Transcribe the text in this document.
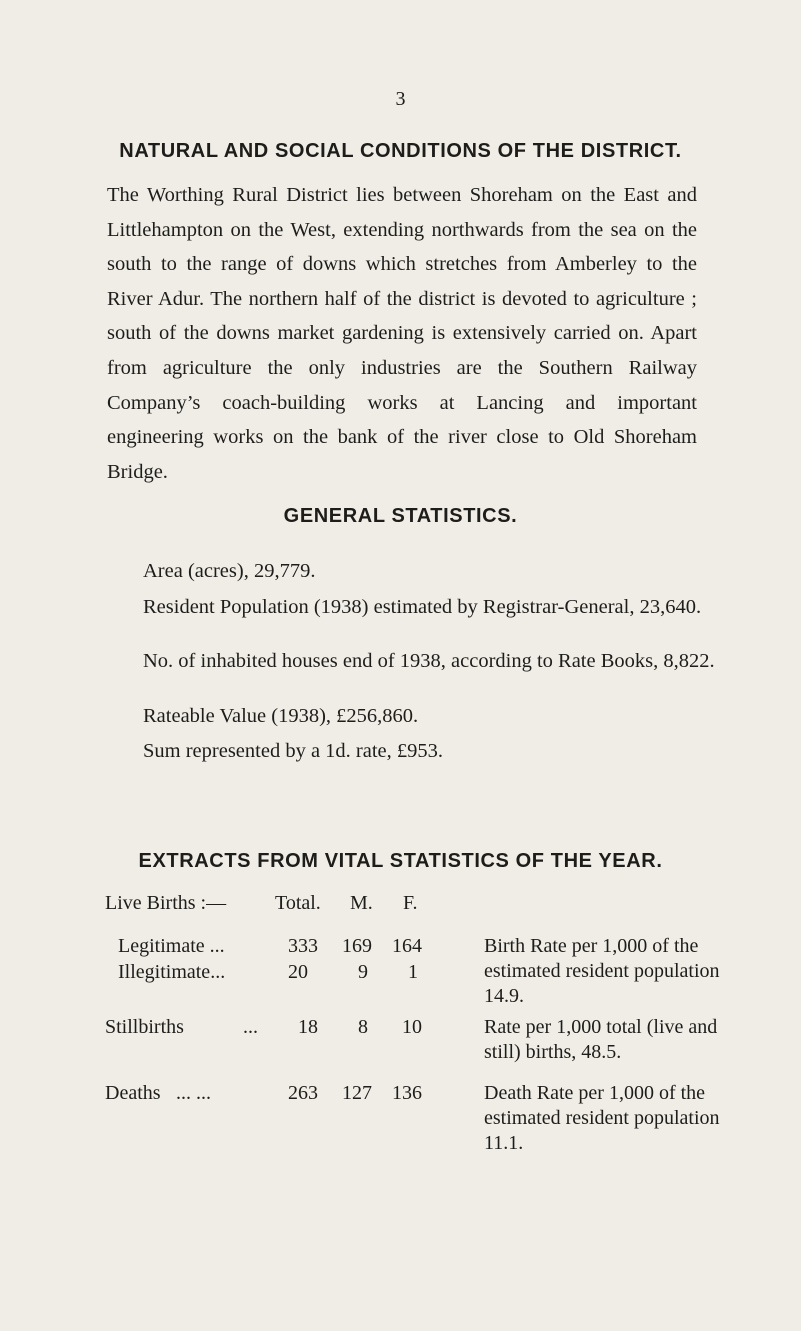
3
NATURAL AND SOCIAL CONDITIONS OF THE DISTRICT.

The Worthing Rural District lies between Shoreham on the East and Littlehampton on the West, extending northwards from the sea on the south to the range of downs which stretches from Amberley to the River Adur. The northern half of the district is devoted to agriculture ; south of the downs market gardening is extensively carried on. Apart from agriculture the only industries are the Southern Railway Company’s coach-building works at Lancing and important engineering works on the bank of the river close to Old Shoreham Bridge.

GENERAL STATISTICS.

Area (acres), 29,779.

Resident Population (1938) estimated by Registrar-General, 23,640.

No. of inhabited houses end of 1938, according to Rate Books, 8,822.

Rateable Value (1938), £256,860.

Sum represented by a 1d. rate, £953.

EXTRACTS FROM VITAL STATISTICS OF THE YEAR.
Live Births :— Total. M. F.
Legitimate ...	333	169	164
Illegitimate...	20	9	1

Birth Rate per 1,000 of the estimated resident population 14.9.

Stillbirths	...	18	8	10	Rate per 1,000 total (live and still) births, 48.5.

Deaths ... ...	263	127	136	Death Rate per 1,000 of the estimated resident population 11.1.
